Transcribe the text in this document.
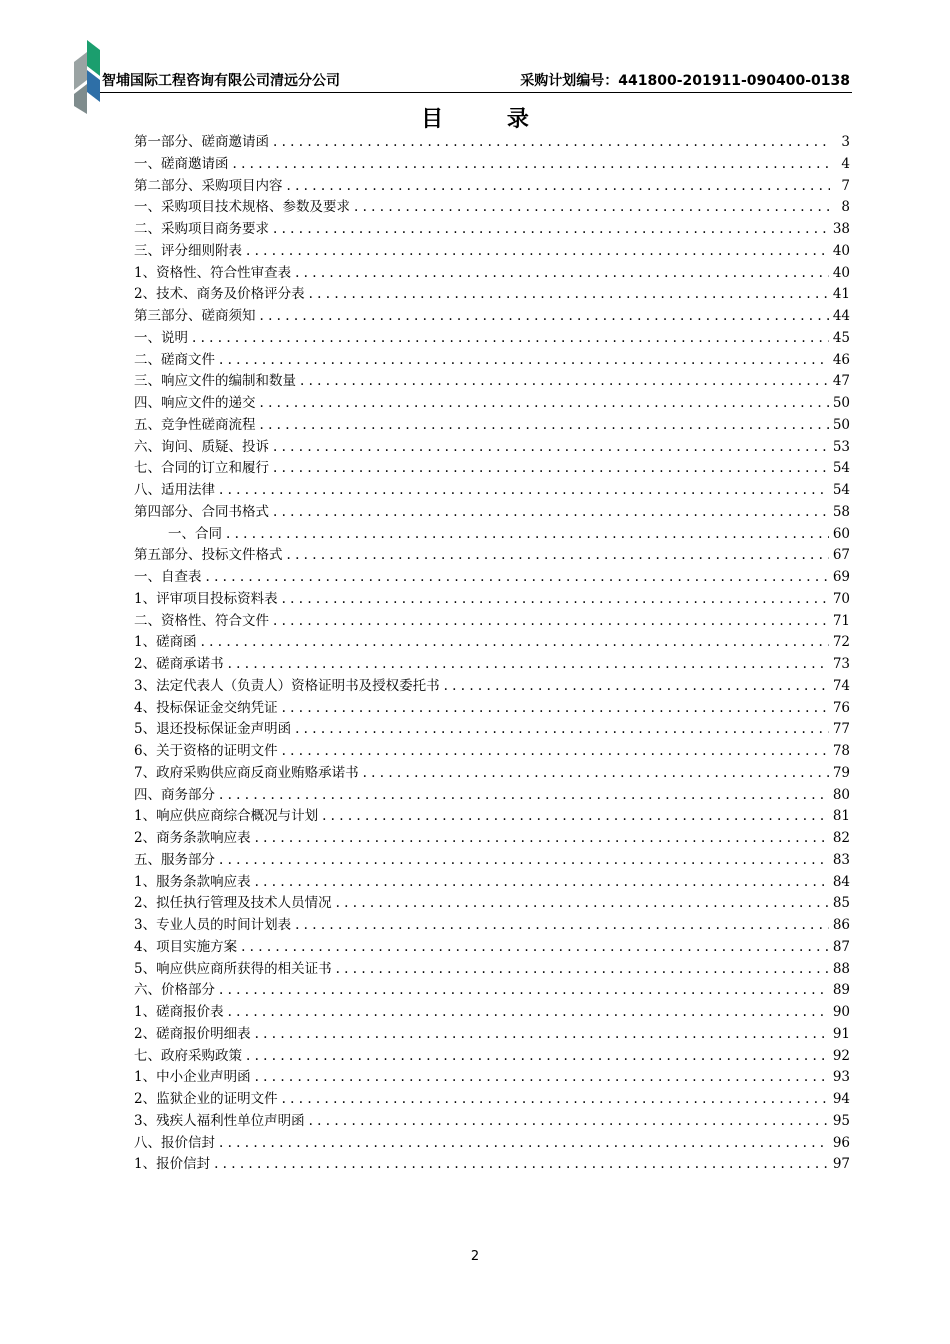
智埔国际工程咨询有限公司清远分公司	采购计划编号：441800-201911-090400-0138
目 录
第一部分、磋商邀请函 . . .	3
一、磋商邀请函 . . .	4
第二部分、采购项目内容 . . .	7
一、采购项目技术规格、参数及要求 . . .	8
二、采购项目商务要求 . . .	38
三、评分细则附表 . . .	40
1、资格性、符合性审查表 . . .	40
2、技术、商务及价格评分表 . . .	41
第三部分、磋商须知 . . .	44
一、说明 . . .	45
二、磋商文件 . . .	46
三、响应文件的编制和数量 . . .	47
四、响应文件的递交 . . .	50
五、竞争性磋商流程 . . .	50
六、询问、质疑、投诉 . . .	53
七、合同的订立和履行 . . .	54
八、适用法律 . . .	54
第四部分、合同书格式 . . .	58
一、合同 . . .	60
第五部分、投标文件格式 . . .	67
一、自查表 . . .	69
1、评审项目投标资料表 . . .	70
二、资格性、符合文件 . . .	71
1、磋商函 . . .	72
2、磋商承诺书 . . .	73
3、法定代表人（负责人）资格证明书及授权委托书 . . .	74
4、投标保证金交纳凭证 . . .	76
5、退还投标保证金声明函 . . .	77
6、关于资格的证明文件 . . .	78
7、政府采购供应商反商业贿赂承诺书 . . .	79
四、商务部分 . . .	80
1、响应供应商综合概况与计划 . . .	81
2、商务条款响应表 . . .	82
五、服务部分 . . .	83
1、服务条款响应表 . . .	84
2、拟任执行管理及技术人员情况 . . .	85
3、专业人员的时间计划表 . . .	86
4、项目实施方案 . . .	87
5、响应供应商所获得的相关证书 . . .	88
六、价格部分 . . .	89
1、磋商报价表 . . .	90
2、磋商报价明细表 . . .	91
七、政府采购政策 . . .	92
1、中小企业声明函 . . .	93
2、监狱企业的证明文件 . . .	94
3、残疾人福利性单位声明函 . . .	95
八、报价信封 . . .	96
1、报价信封 . . .	97
2
